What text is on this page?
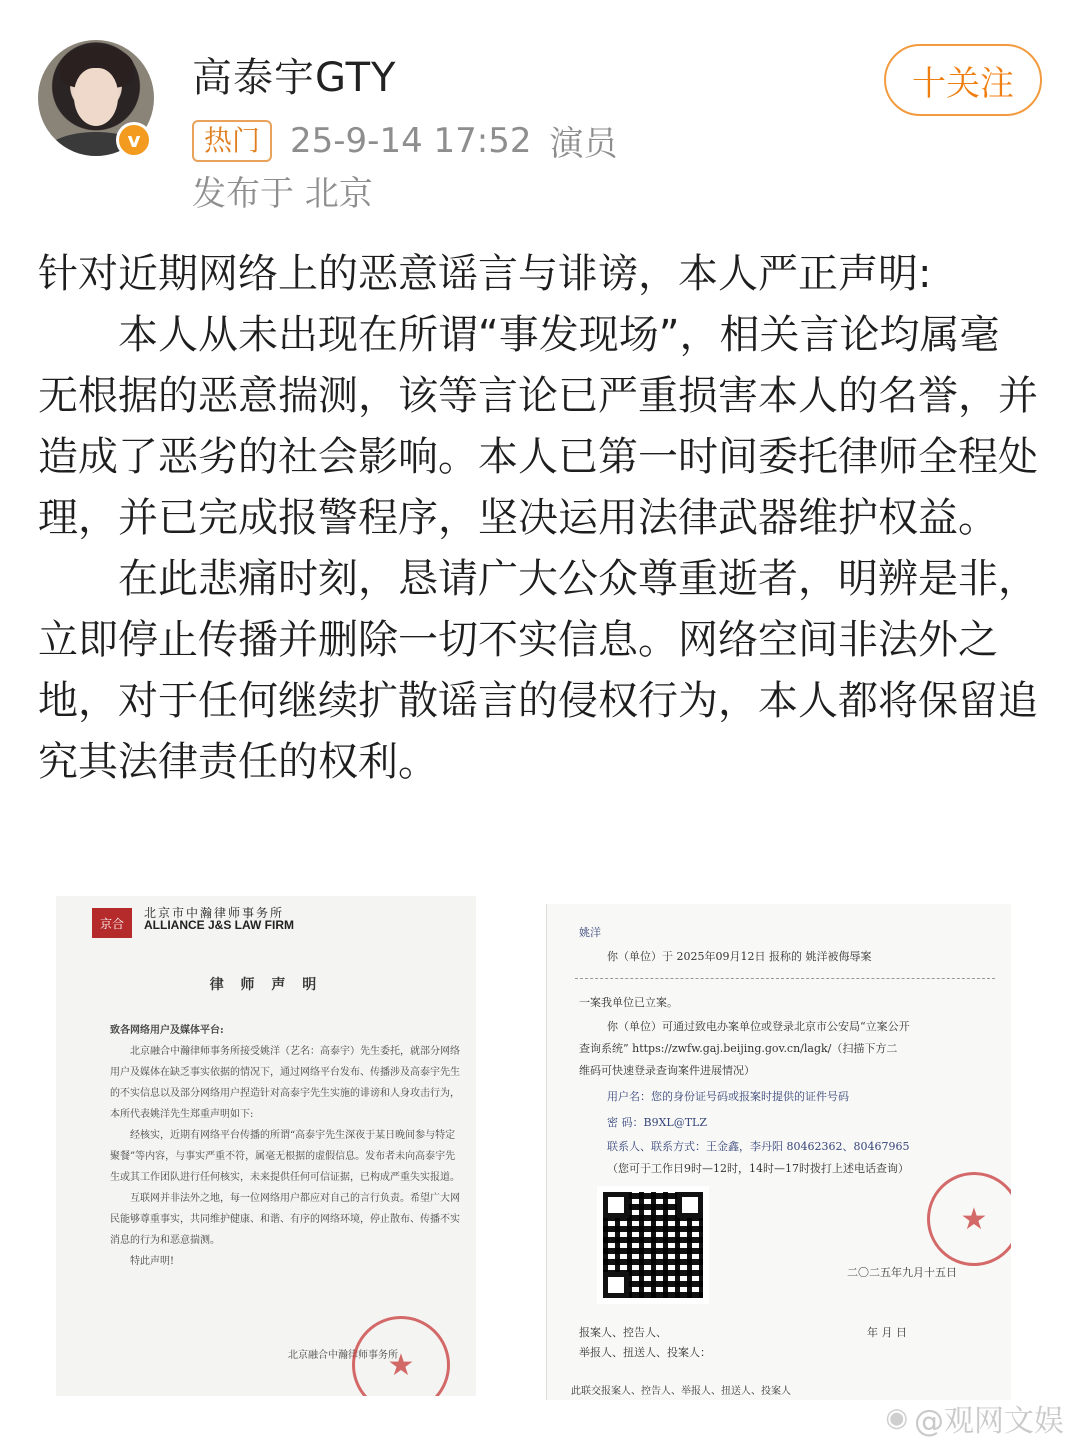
v
高泰宇GTY
热门 25-9-14 17:52 演员
发布于 北京
十关注

针对近期网络上的恶意谣言与诽谤，本人严正声明:

本人从未出现在所谓“事发现场”，相关言论均属毫无根据的恶意揣测，该等言论已严重损害本人的名誉，并造成了恶劣的社会影响。本人已第一时间委托律师全程处理，并已完成报警程序，坚决运用法律武器维护权益。

在此悲痛时刻，恳请广大公众尊重逝者，明辨是非，立即停止传播并删除一切不实信息。网络空间非法外之地，对于任何继续扩散谣言的侵权行为，本人都将保留追究其法律责任的权利。

京合
北京市中瀚律师事务所
ALLIANCE J&S LAW FIRM
律 师 声 明

致各网络用户及媒体平台:

北京融合中瀚律师事务所接受姚洋（艺名：高泰宇）先生委托，就部分网络用户及媒体在缺乏事实依据的情况下，通过网络平台发布、传播涉及高泰宇先生的不实信息以及部分网络用户捏造针对高泰宇先生实施的诽谤和人身攻击行为，本所代表姚洋先生郑重声明如下:

经核实，近期有网络平台传播的所谓“高泰宇先生深夜于某日晚间参与特定聚餐”等内容，与事实严重不符，属毫无根据的虚假信息。发布者未向高泰宇先生或其工作团队进行任何核实，未来提供任何可信证据，已构成严重失实报道。

互联网并非法外之地，每一位网络用户都应对自己的言行负责。希望广大网民能够尊重事实，共同维护健康、和谐、有序的网络环境，停止散布、传播不实消息的行为和恶意揣测。

特此声明!

北京融合中瀚律师事务所
★
姚洋
你（单位）于 2025年09月12日 报称的 姚洋被侮辱案
一案我单位已立案。
你（单位）可通过致电办案单位或登录北京市公安局“立案公开
查询系统” https://zwfw.gaj.beijing.gov.cn/lagk/（扫描下方二
维码可快速登录查询案件进展情况）
用户名：您的身份证号码或报案时提供的证件号码
密 码：B9XL@TLZ
联系人、联系方式：王金鑫，李丹阳 80462362、80467965
（您可于工作日9时—12时，14时—17时拨打上述电话查询）
★
二〇二五年九月十五日
报案人、控告人、
举报人、扭送人、投案人：
年 月 日
此联交报案人、控告人、举报人、扭送人、投案人
◉ @观网文娱
